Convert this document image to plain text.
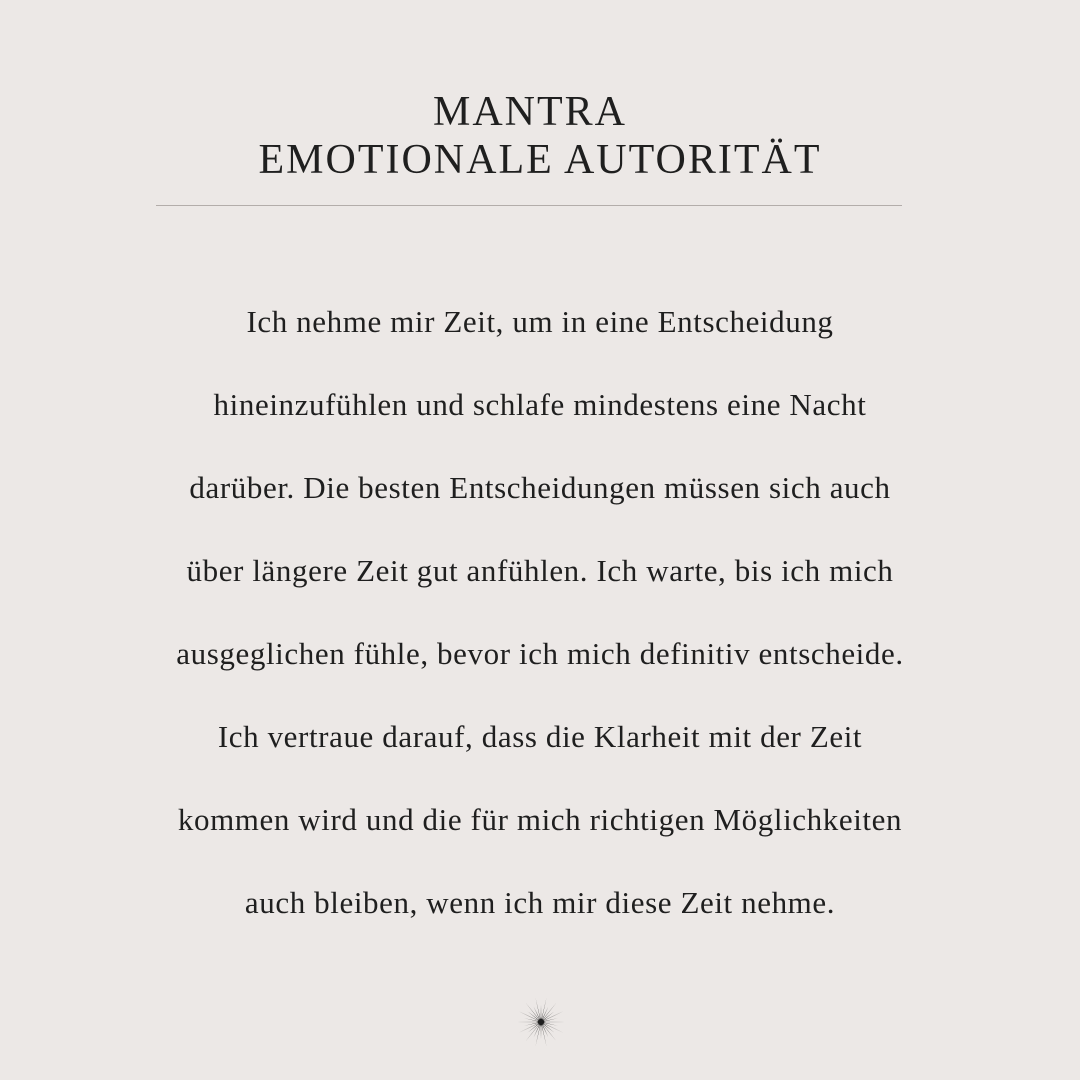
MANTRA
EMOTIONALE AUTORITÄT

Ich nehme mir Zeit, um in eine Entscheidung
hineinzufühlen und schlafe mindestens eine Nacht
darüber. Die besten Entscheidungen müssen sich auch
über längere Zeit gut anfühlen. Ich warte, bis ich mich
ausgeglichen fühle, bevor ich mich definitiv entscheide.
Ich vertraue darauf, dass die Klarheit mit der Zeit
kommen wird und die für mich richtigen Möglichkeiten
auch bleiben, wenn ich mir diese Zeit nehme.
